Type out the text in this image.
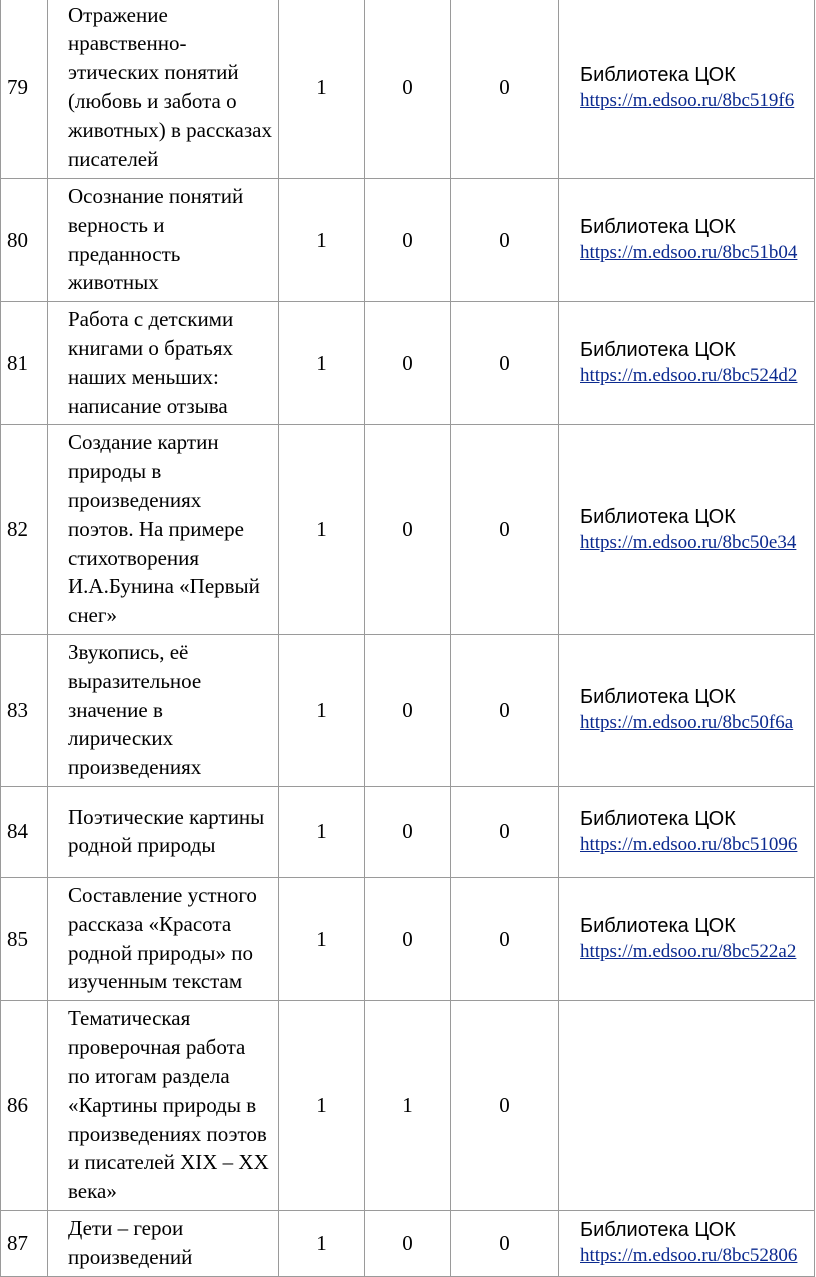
79	Отражение нравственно-этических понятий (любовь и забота о животных) в рассказах писателей	1	0	0	Библиотека ЦОК
https://m.edsoo.ru/8bc519f6

80	Осознание понятий верность и преданность животных	1	0	0	Библиотека ЦОК
https://m.edsoo.ru/8bc51b04

81	Работа с детскими книгами о братьях наших меньших: написание отзыва	1	0	0	Библиотека ЦОК
https://m.edsoo.ru/8bc524d2

82	Создание картин природы в произведениях поэтов. На примере стихотворения И.А.Бунина «Первый снег»	1	0	0	Библиотека ЦОК
https://m.edsoo.ru/8bc50e34

83	Звукопись, её выразительное значение в лирических произведениях	1	0	0	Библиотека ЦОК
https://m.edsoo.ru/8bc50f6a

84	Поэтические картины родной природы	1	0	0	Библиотека ЦОК
https://m.edsoo.ru/8bc51096

85	Составление устного рассказа «Красота родной природы» по изученным текстам	1	0	0	Библиотека ЦОК
https://m.edsoo.ru/8bc522a2

86	Тематическая проверочная работа по итогам раздела «Картины природы в произведениях поэтов и писателей XIX – XX века»	1	1	0	

87	Дети – герои произведений	1	0	0	Библиотека ЦОК
https://m.edsoo.ru/8bc52806
